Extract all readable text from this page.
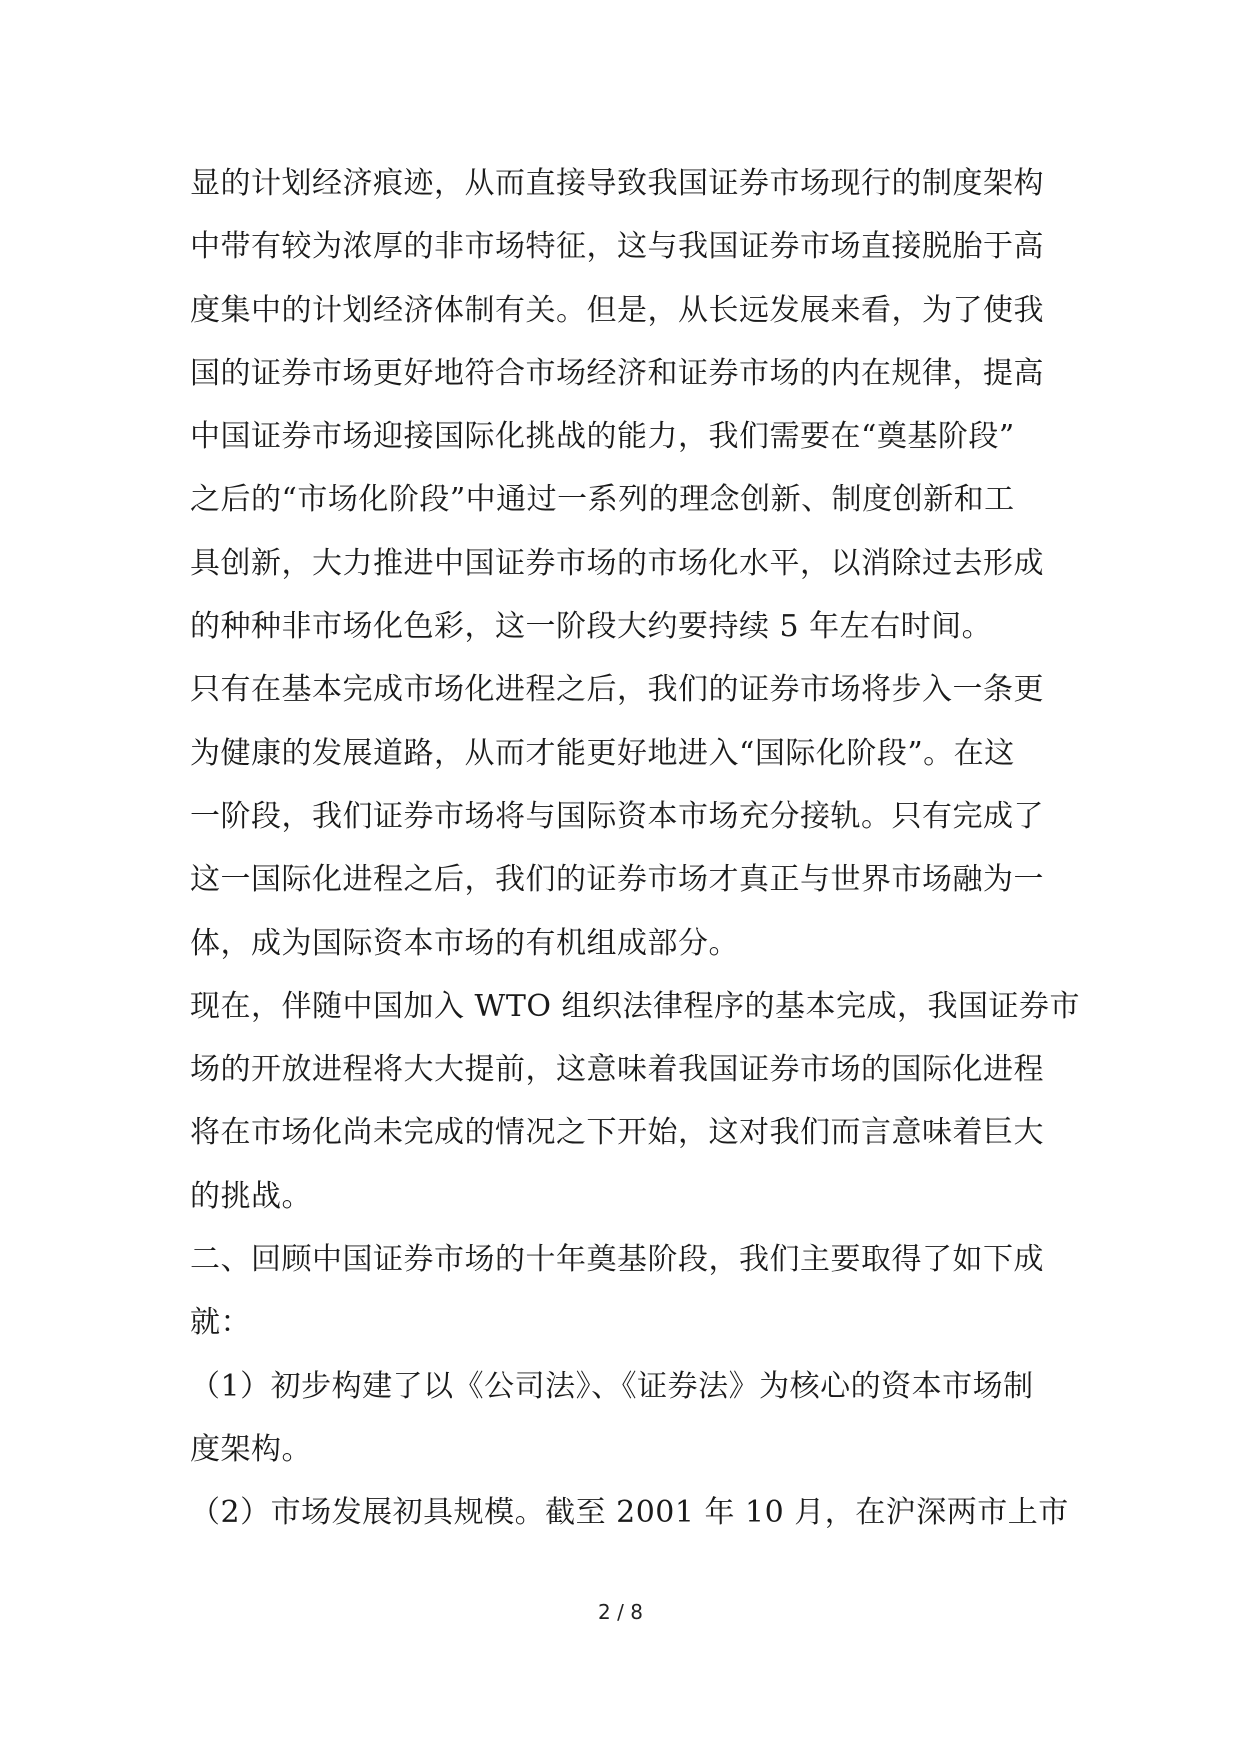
显的计划经济痕迹，从而直接导致我国证券市场现行的制度架构
中带有较为浓厚的非市场特征，这与我国证券市场直接脱胎于高
度集中的计划经济体制有关。但是，从长远发展来看，为了使我
国的证券市场更好地符合市场经济和证券市场的内在规律，提高
中国证券市场迎接国际化挑战的能力，我们需要在“奠基阶段”
之后的“市场化阶段”中通过一系列的理念创新、制度创新和工
具创新，大力推进中国证券市场的市场化水平，以消除过去形成
的种种非市场化色彩，这一阶段大约要持续 5 年左右时间。
只有在基本完成市场化进程之后，我们的证券市场将步入一条更
为健康的发展道路，从而才能更好地进入“国际化阶段”。在这
一阶段，我们证券市场将与国际资本市场充分接轨。只有完成了
这一国际化进程之后，我们的证券市场才真正与世界市场融为一
体，成为国际资本市场的有机组成部分。
现在，伴随中国加入 WTO 组织法律程序的基本完成，我国证券市
场的开放进程将大大提前，这意味着我国证券市场的国际化进程
将在市场化尚未完成的情况之下开始，这对我们而言意味着巨大
的挑战。
二、回顾中国证券市场的十年奠基阶段，我们主要取得了如下成
就：
（1）初步构建了以《公司法》、《证券法》为核心的资本市场制
度架构。
（2）市场发展初具规模。截至 2001 年 10 月，在沪深两市上市
2 / 8
